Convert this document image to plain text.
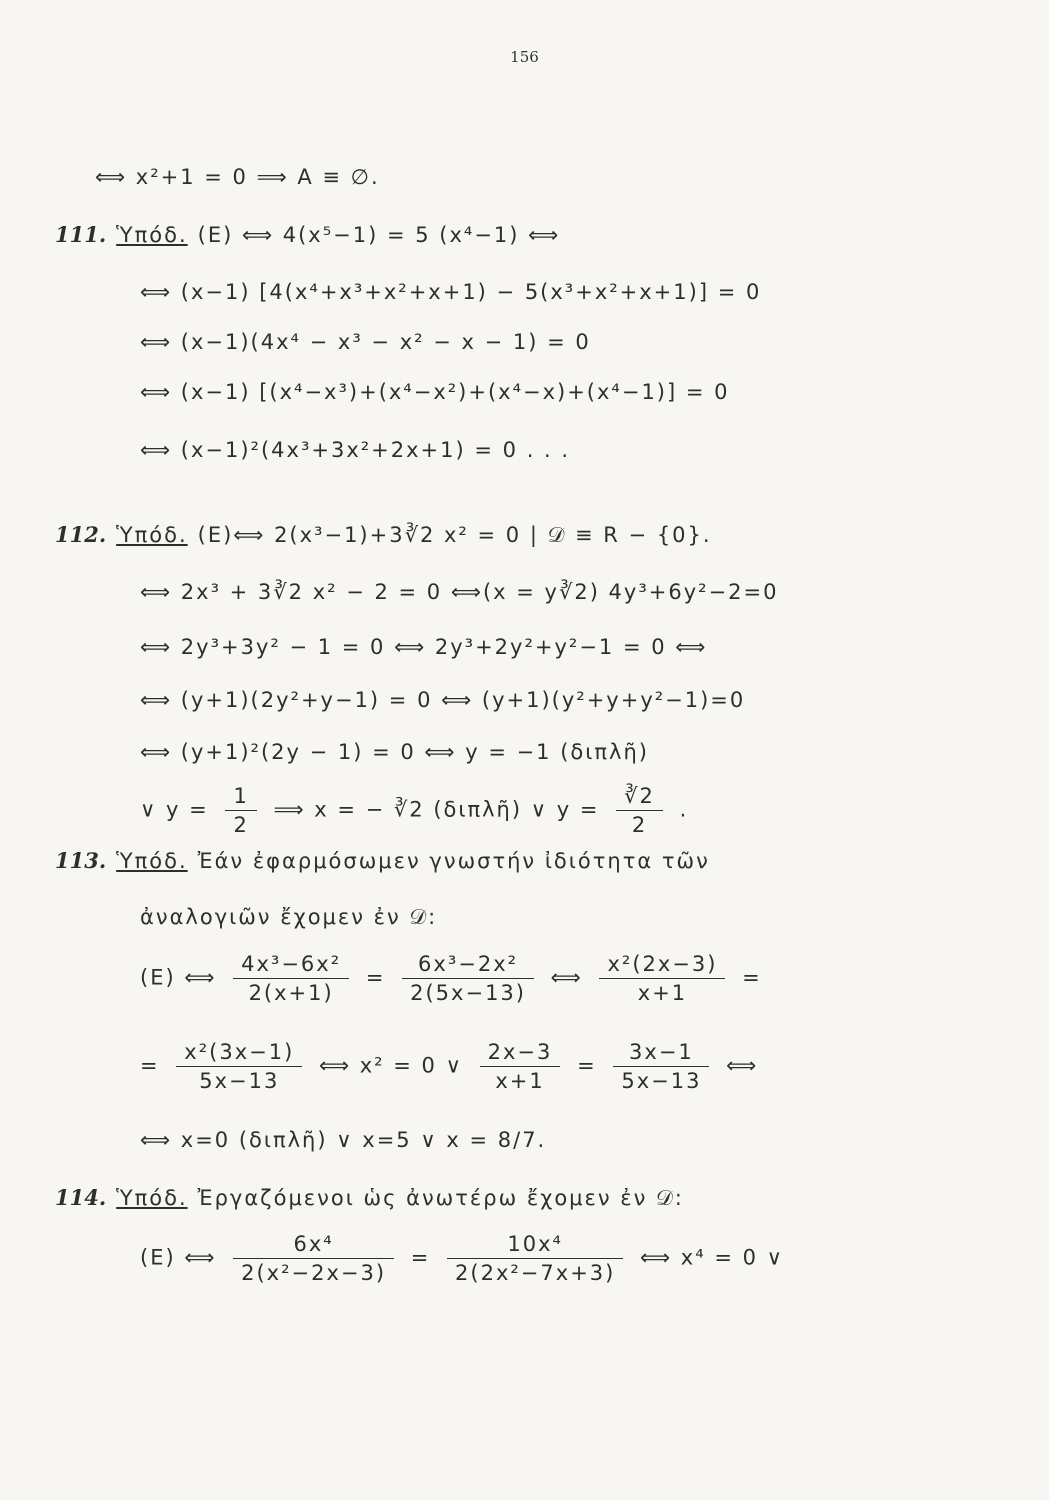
156
⟺ x²+1 = 0 ⟹ A ≡ ∅.
111. Ὑπόδ. (E) ⟺ 4(x⁵−1) = 5 (x⁴−1) ⟺
⟺ (x−1) [4(x⁴+x³+x²+x+1) − 5(x³+x²+x+1)] = 0
⟺ (x−1)(4x⁴ − x³ − x² − x − 1) = 0
⟺ (x−1) [(x⁴−x³)+(x⁴−x²)+(x⁴−x)+(x⁴−1)] = 0
⟺ (x−1)²(4x³+3x²+2x+1) = 0 . . .
112. Ὑπόδ. (E)⟺ 2(x³−1)+3∛2 x² = 0 | 𝒟 ≡ R − {0}.
⟺ 2x³ + 3∛2 x² − 2 = 0 ⟺(x = y∛2) 4y³+6y²−2=0
⟺ 2y³+3y² − 1 = 0 ⟺ 2y³+2y²+y²−1 = 0 ⟺
⟺ (y+1)(2y²+y−1) = 0 ⟺ (y+1)(y²+y+y²−1)=0
⟺ (y+1)²(2y − 1) = 0 ⟺ y = −1 (διπλῆ)
∨ $y = \frac{1}{2}$ ⟹ x = − ∛2 (διπλῆ) ∨ $y = \frac{∛2}{2}$ .
113. Ὑπόδ. Ἐάν ἐφαρμόσωμεν γνωστήν ἰδιότητα τῶν
ἀναλογιῶν ἔχομεν ἐν 𝒟:
(E) ⟺ $\frac{\text{4x³−6x²}}{2(x+1)} = \frac{\text{6x³−2x²}}{2(5x-13)}$ ⟺ $\frac{\text{x²(2x−3)}}{x+1}$ =
= $\frac{\text{x²(3x−1)}}{5x-13}$ ⟺ x² = 0 ∨ $\frac{2x-3}{x+1} = \frac{3x-1}{5x-13}$ ⟺
⟺ x=0 (διπλῆ) ∨ x=5 ∨ x = 8/7.
114. Ὑπόδ. Ἐργαζόμενοι ὡς ἀνωτέρω ἔχομεν ἐν 𝒟:
(E) ⟺ $\frac{\text{6x⁴}}{\text{2(x²−2x−3)}} = \frac{\text{10x⁴}}{\text{2(2x²−7x+3)}}$ ⟺ x⁴ = 0 ∨
